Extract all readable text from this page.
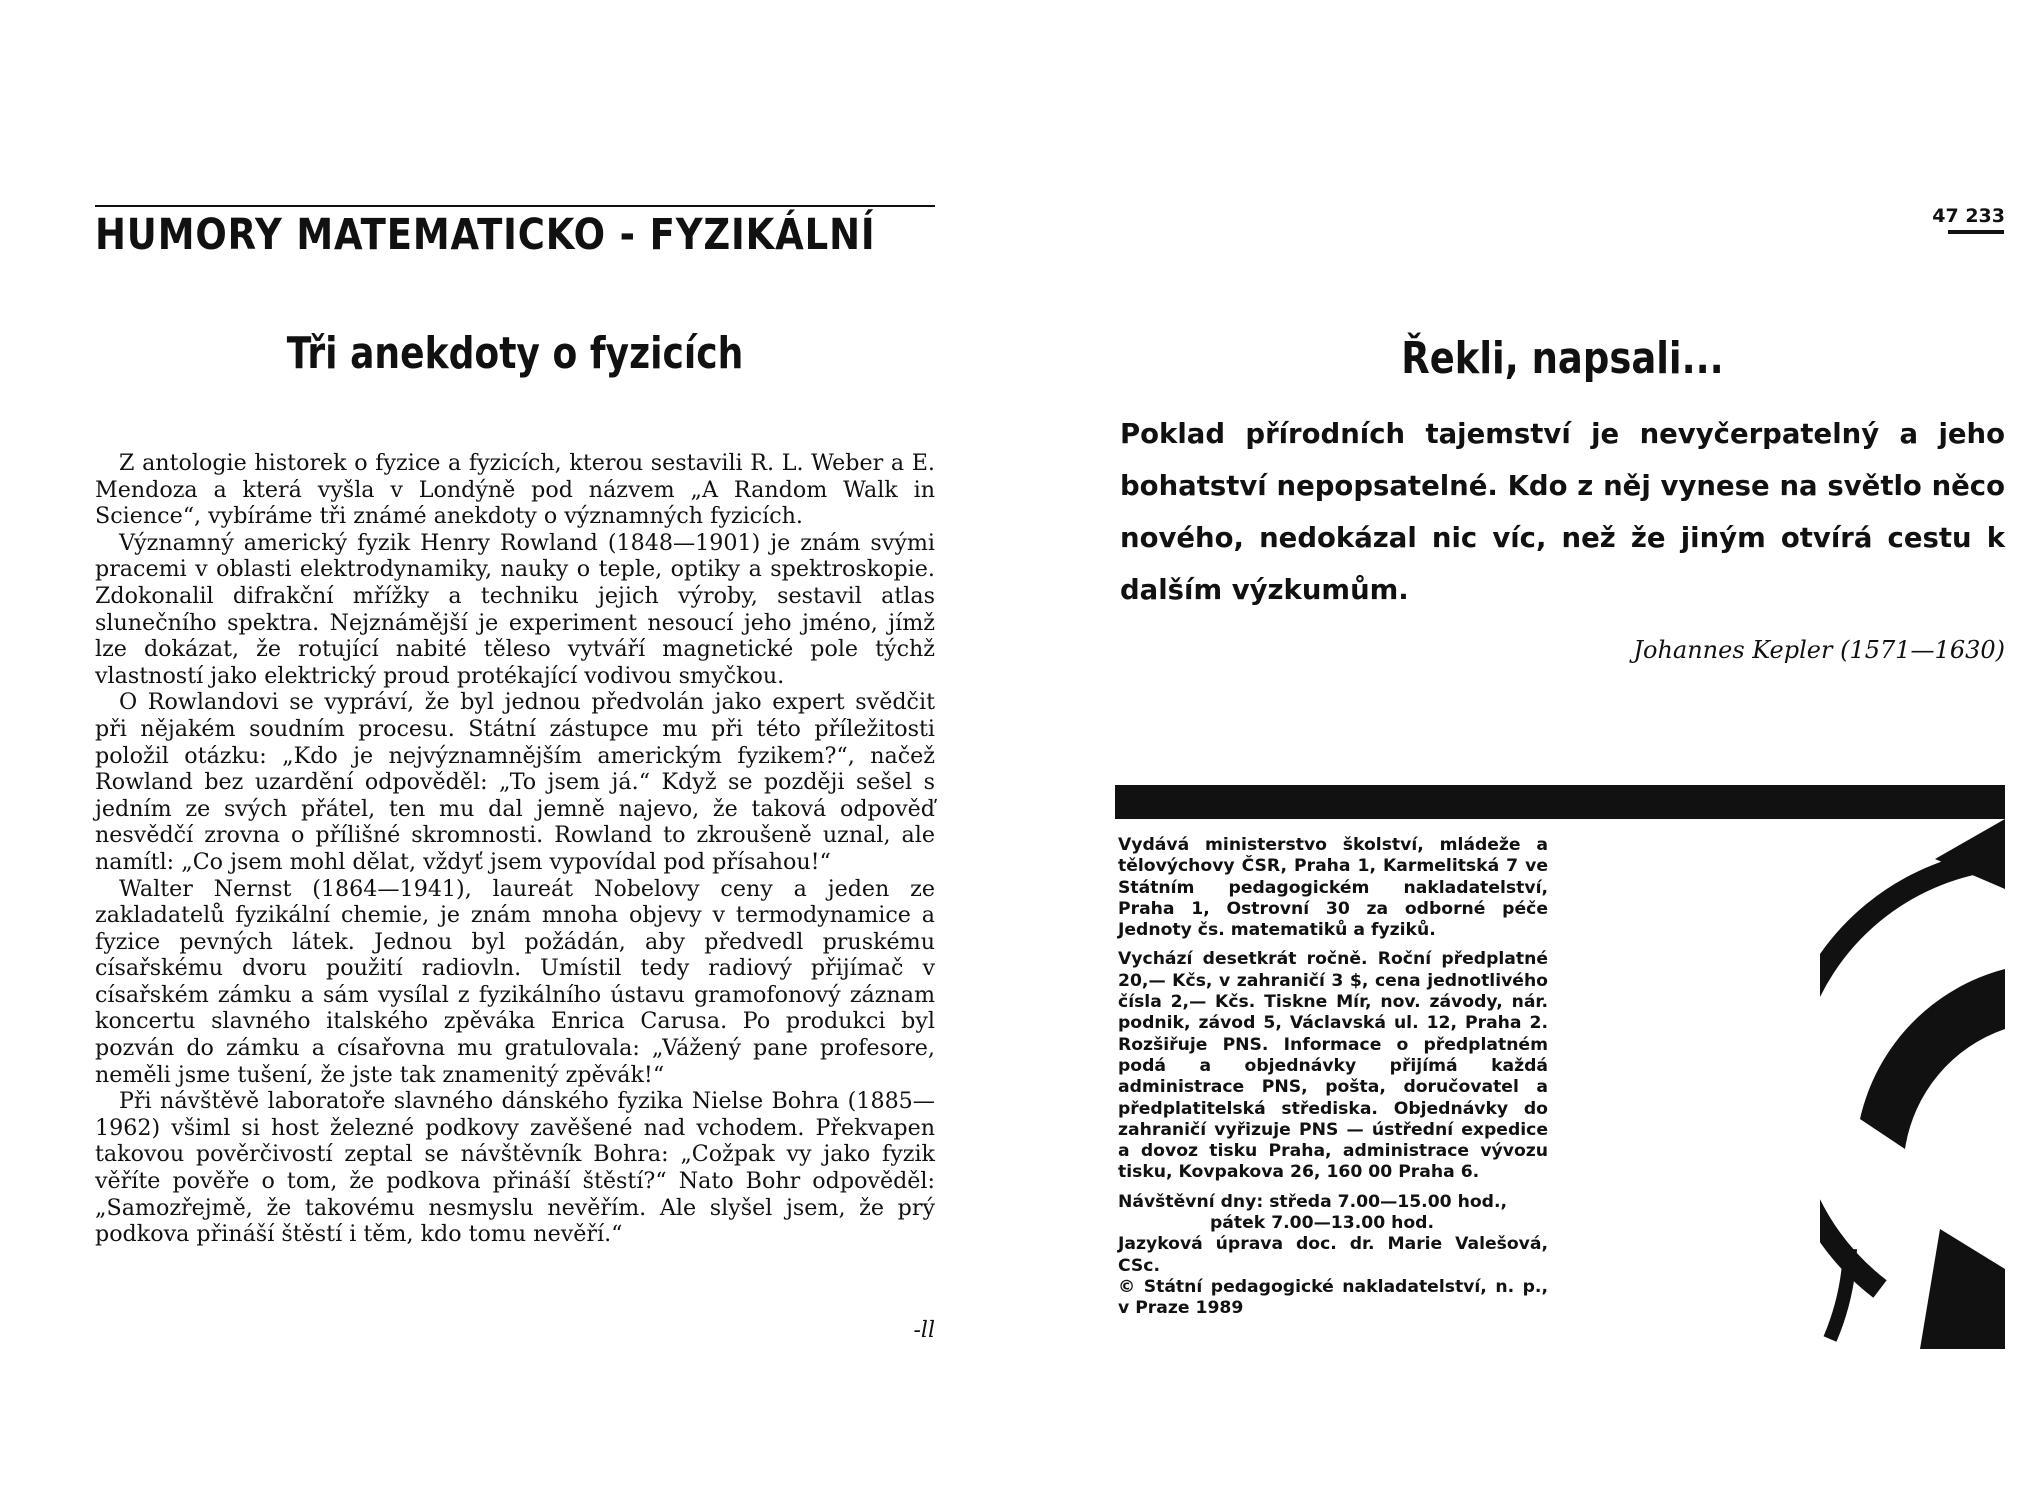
HUMORY MATEMATICKO - FYZIKÁLNÍ
Tři anekdoty o fyzicích

Z antologie historek o fyzice a fyzicích, kterou sestavili R. L. Weber a E. Mendoza a která vyšla v Londýně pod názvem „A Random Walk in Science“, vybíráme tři známé anekdoty o významných fyzicích.

Významný americký fyzik Henry Rowland (1848—1901) je znám svými pracemi v oblasti elektrodynamiky, nauky o teple, optiky a spektroskopie. Zdokonalil difrakční mřížky a techniku jejich výroby, sestavil atlas slunečního spektra. Nejznámější je experiment nesoucí jeho jméno, jímž lze dokázat, že rotující nabité těleso vytváří magnetické pole týchž vlastností jako elektrický proud protékající vodivou smyčkou.

O Rowlandovi se vypráví, že byl jednou předvolán jako expert svědčit při nějakém soudním procesu. Státní zástupce mu při této příležitosti položil otázku: „Kdo je nejvýznamnějším americkým fyzikem?“, načež Rowland bez uzardění odpověděl: „To jsem já.“ Když se později sešel s jedním ze svých přátel, ten mu dal jemně najevo, že taková odpověď nesvědčí zrovna o přílišné skromnosti. Rowland to zkroušeně uznal, ale namítl: „Co jsem mohl dělat, vždyť jsem vypovídal pod přísahou!“

Walter Nernst (1864—1941), laureát Nobelovy ceny a jeden ze zakladatelů fyzikální chemie, je znám mnoha objevy v termodynamice a fyzice pevných látek. Jednou byl požádán, aby předvedl pruskému císařskému dvoru použití radiovln. Umístil tedy radiový přijímač v císařském zámku a sám vysílal z fyzikálního ústavu gramofonový záznam koncertu slavného italského zpěváka Enrica Carusa. Po produkci byl pozván do zámku a císařovna mu gratulovala: „Vážený pane profesore, neměli jsme tušení, že jste tak znamenitý zpěvák!“

Při návštěvě laboratoře slavného dánského fyzika Nielse Bohra (1885—1962) všiml si host železné podkovy zavěšené nad vchodem. Překvapen takovou pověrčivostí zeptal se návštěvník Bohra: „Cožpak vy jako fyzik věříte pověře o tom, že podkova přináší štěstí?“ Nato Bohr odpověděl: „Samozřejmě, že takovému nesmyslu nevěřím. Ale slyšel jsem, že prý podkova přináší štěstí i těm, kdo tomu nevěří.“

-ll
47 233
Řekli, napsali...
Poklad přírodních tajemství je nevyčerpatelný a jeho bohatství nepopsatelné. Kdo z něj vynese na světlo něco nového, nedokázal nic víc, než že jiným otvírá cestu k dalším výzkumům.
Johannes Kepler (1571—1630)

Vydává ministerstvo školství, mládeže a tělovýchovy ČSR, Praha 1, Karmelitská 7 ve Státním pedagogickém nakladatelství, Praha 1, Ostrovní 30 za odborné péče Jednoty čs. matematiků a fyziků.

Vychází desetkrát ročně. Roční předplatné 20,— Kčs, v zahraničí 3 $, cena jednotlivého čísla 2,— Kčs. Tiskne Mír, nov. závody, nár. podnik, závod 5, Václavská ul. 12, Praha 2. Rozšiřuje PNS. Informace o předplatném podá a objednávky přijímá každá administrace PNS, pošta, doručovatel a předplatitelská střediska. Objednávky do zahraničí vyřizuje PNS — ústřední expedice a dovoz tisku Praha, administrace vývozu tisku, Kovpakova 26, 160 00 Praha 6.

Návštěvní dny: středa 7.00—15.00 hod.,

pátek 7.00—13.00 hod.

Jazyková úprava doc. dr. Marie Valešová, CSc.

© Státní pedagogické nakladatelství, n. p., v Praze 1989
